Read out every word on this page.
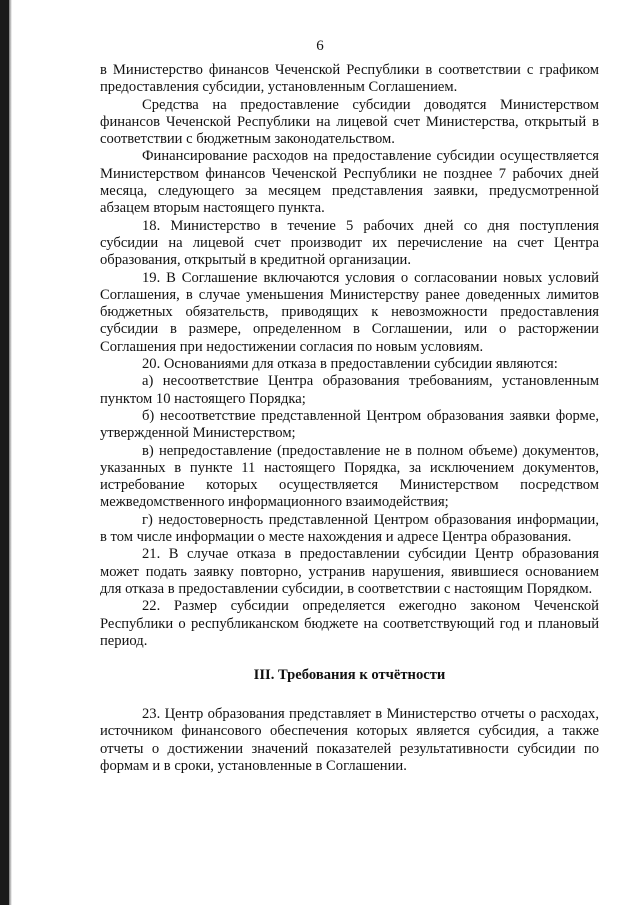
6

в Министерство финансов Чеченской Республики в соответствии с графиком предоставления субсидии, установленным Соглашением.

Средства на предоставление субсидии доводятся Министерством финансов Чеченской Республики на лицевой счет Министерства, открытый в соответствии с бюджетным законодательством.

Финансирование расходов на предоставление субсидии осуществляется Министерством финансов Чеченской Республики не позднее 7 рабочих дней месяца, следующего за месяцем представления заявки, предусмотренной абзацем вторым настоящего пункта.

18. Министерство в течение 5 рабочих дней со дня поступления субсидии на лицевой счет производит их перечисление на счет Центра образования, открытый в кредитной организации.

19. В Соглашение включаются условия о согласовании новых условий Соглашения, в случае уменьшения Министерству ранее доведенных лимитов бюджетных обязательств, приводящих к невозможности предоставления субсидии в размере, определенном в Соглашении, или о расторжении Соглашения при недостижении согласия по новым условиям.

20. Основаниями для отказа в предоставлении субсидии являются:

а) несоответствие Центра образования требованиям, установленным пунктом 10 настоящего Порядка;

б) несоответствие представленной Центром образования заявки форме, утвержденной Министерством;

в) непредоставление (предоставление не в полном объеме) документов, указанных в пункте 11 настоящего Порядка, за исключением документов, истребование которых осуществляется Министерством посредством межведомственного информационного взаимодействия;

г) недостоверность представленной Центром образования информации, в том числе информации о месте нахождения и адресе Центра образования.

21. В случае отказа в предоставлении субсидии Центр образования может подать заявку повторно, устранив нарушения, явившиеся основанием для отказа в предоставлении субсидии, в соответствии с настоящим Порядком.

22. Размер субсидии определяется ежегодно законом Чеченской Республики о республиканском бюджете на соответствующий год и плановый период.

III. Требования к отчётности

23. Центр образования представляет в Министерство отчеты о расходах, источником финансового обеспечения которых является субсидия, а также отчеты о достижении значений показателей результативности субсидии по формам и в сроки, установленные в Соглашении.
